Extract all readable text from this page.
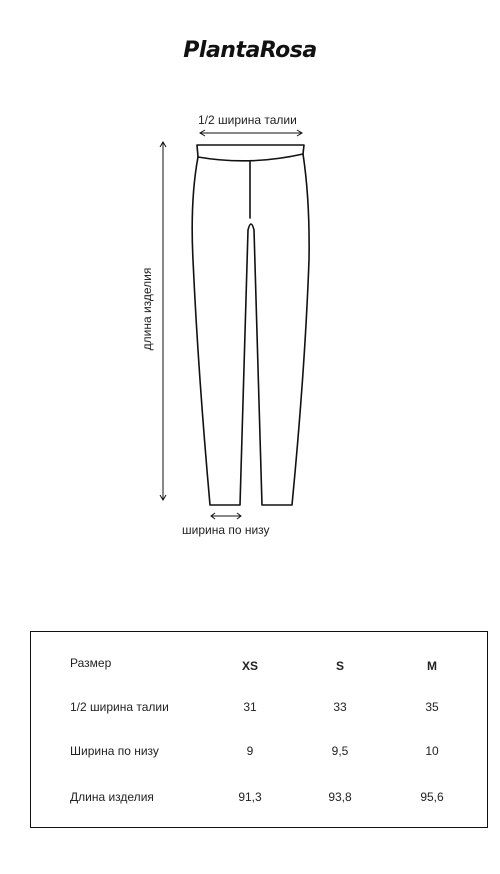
PlantaRosa
1/2 ширина талии
длина изделия
ширина по низу
Размер	XS	S	M
1/2 ширина талии	31	33	35
Ширина по низу	9	9,5	10
Длина изделия	91,3	93,8	95,6
